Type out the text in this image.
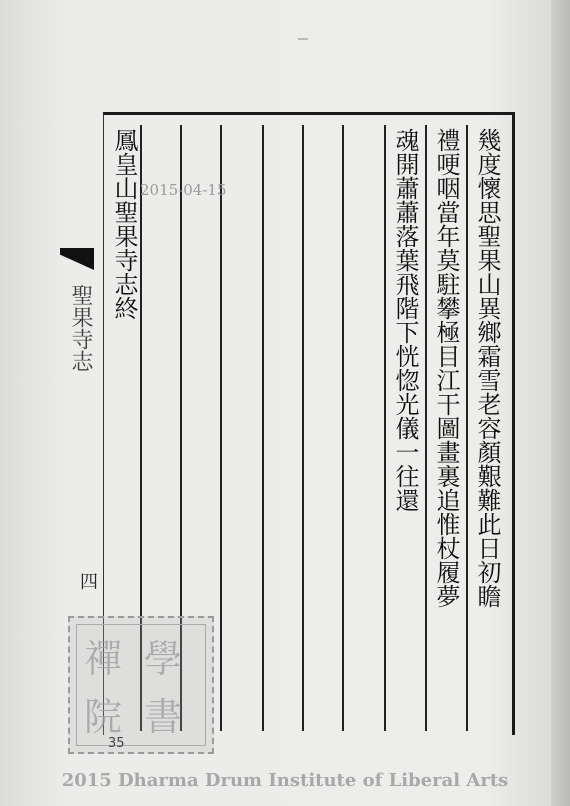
幾度懷思聖果山異鄉霜雪老容顏艱難此日初瞻
禮哽咽當年莫駐攀極目江干圖畫裏追惟杖履夢
魂開蕭蕭落葉飛階下恍惚光儀一往還
鳳皇山聖果寺志終 2015-04-15
聖果寺志
四
禪 學
院 書
35
2015 Dharma Drum Institute of Liberal Arts
